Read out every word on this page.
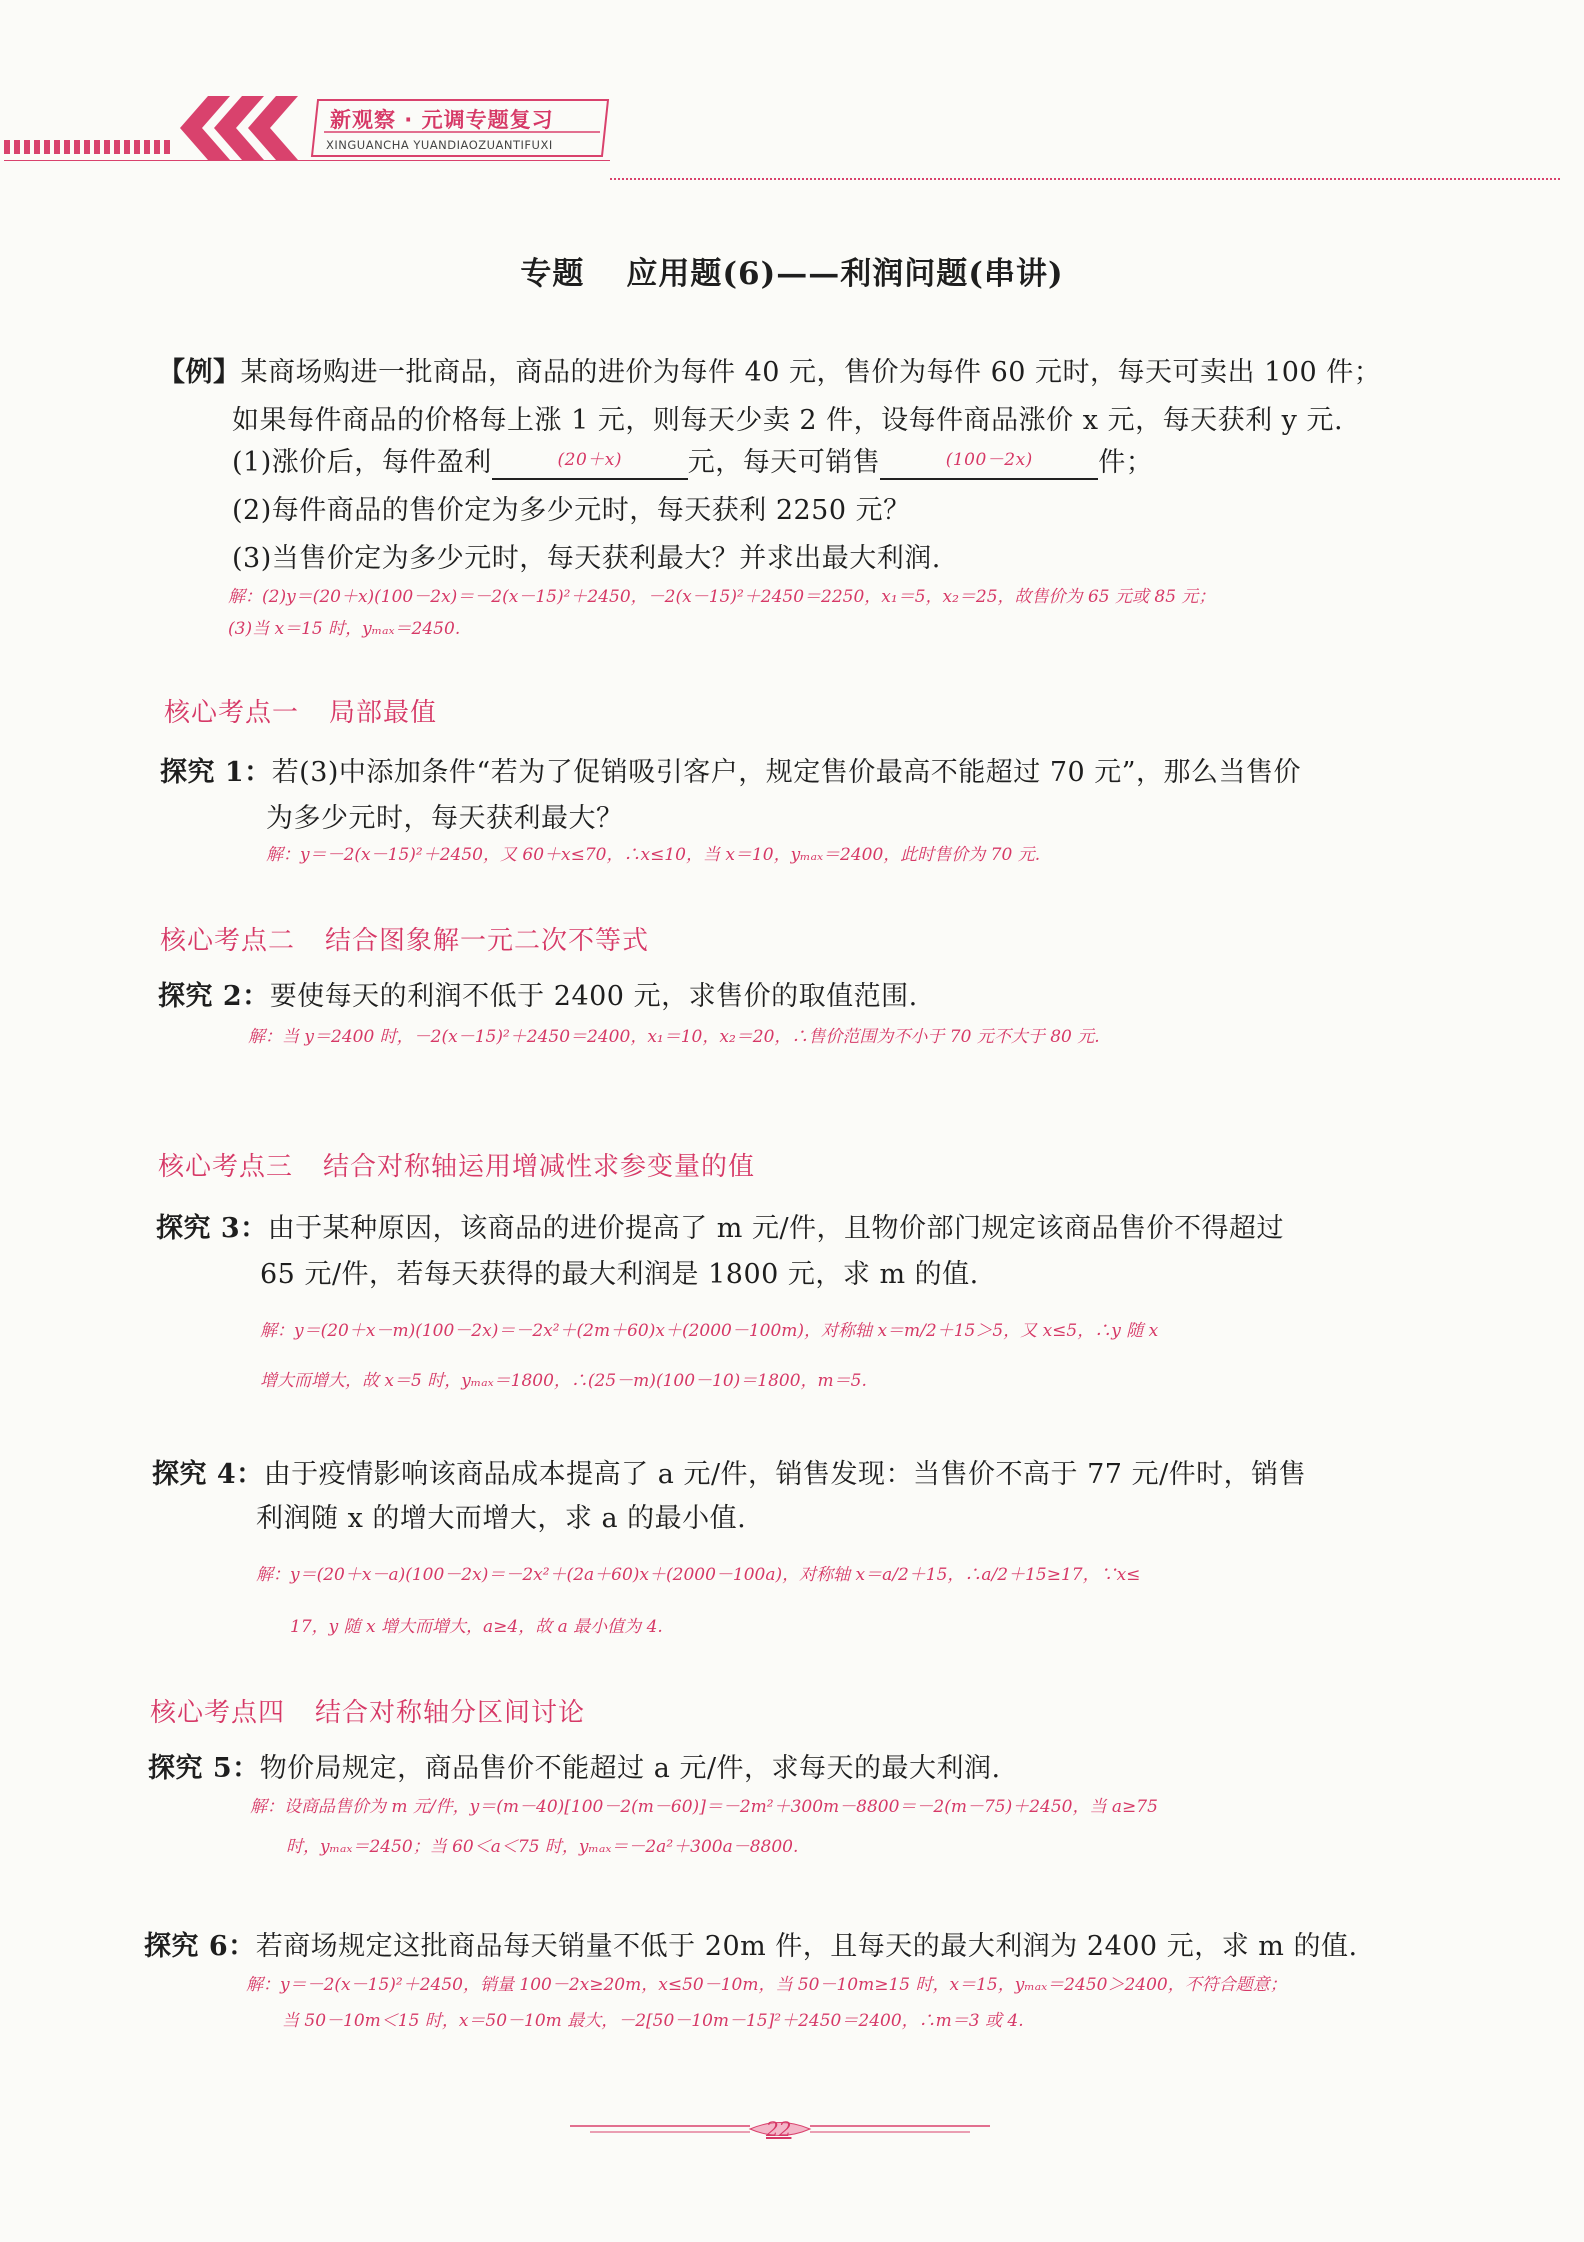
新观察 · 元调专题复习
XINGUANCHA YUANDIAOZUANTIFUXI
专题 应用题(6)——利润问题(串讲)
【例】某商场购进一批商品，商品的进价为每件 40 元，售价为每件 60 元时，每天可卖出 100 件；
如果每件商品的价格每上涨 1 元，则每天少卖 2 件，设每件商品涨价 x 元，每天获利 y 元.
(1)涨价后，每件盈利	$^{(20+x)}$ 元，每天可销售	$^{(100-2x)}$ 件；
(2)每件商品的售价定为多少元时，每天获利 2250 元？
(3)当售价定为多少元时，每天获利最大？并求出最大利润.
解：(2)y＝(20＋x)(100－2x)＝－2(x－15)²＋2450，－2(x－15)²＋2450＝2250，x₁＝5，x₂＝25，故售价为 65 元或 85 元；
(3)当 x＝15 时，yₘₐₓ＝2450.
核心考点一 局部最值
探究 1：若(3)中添加条件“若为了促销吸引客户，规定售价最高不能超过 70 元”，那么当售价
为多少元时，每天获利最大？
解：y＝－2(x－15)²＋2450，又 60＋x≤70，∴x≤10，当 x＝10，yₘₐₓ＝2400，此时售价为 70 元.
核心考点二 结合图象解一元二次不等式
探究 2：要使每天的利润不低于 2400 元，求售价的取值范围.
解：当 y＝2400 时，－2(x－15)²＋2450＝2400，x₁＝10，x₂＝20，∴售价范围为不小于 70 元不大于 80 元.
核心考点三 结合对称轴运用增减性求参变量的值
探究 3：由于某种原因，该商品的进价提高了 m 元/件，且物价部门规定该商品售价不得超过
65 元/件，若每天获得的最大利润是 1800 元，求 m 的值.
解：y＝(20＋x－m)(100－2x)＝－2x²＋(2m＋60)x＋(2000－100m)，对称轴 x＝m/2＋15＞5，又 x≤5，∴y 随 x
增大而增大，故 x＝5 时，yₘₐₓ＝1800，∴(25－m)(100－10)＝1800，m＝5.
探究 4：由于疫情影响该商品成本提高了 a 元/件，销售发现：当售价不高于 77 元/件时，销售
利润随 x 的增大而增大，求 a 的最小值.
解：y＝(20＋x－a)(100－2x)＝－2x²＋(2a＋60)x＋(2000－100a)，对称轴 x＝a/2＋15，∴a/2＋15≥17，∵x≤
17，y 随 x 增大而增大，a≥4，故 a 最小值为 4.
核心考点四 结合对称轴分区间讨论
探究 5：物价局规定，商品售价不能超过 a 元/件，求每天的最大利润.
解：设商品售价为 m 元/件，y＝(m－40)[100－2(m－60)]＝－2m²＋300m－8800＝－2(m－75)＋2450，当 a≥75
时，yₘₐₓ＝2450；当 60＜a＜75 时，yₘₐₓ＝－2a²＋300a－8800.
探究 6：若商场规定这批商品每天销量不低于 20m 件，且每天的最大利润为 2400 元，求 m 的值.
解：y＝－2(x－15)²＋2450，销量 100－2x≥20m，x≤50－10m，当 50－10m≥15 时，x＝15，yₘₐₓ＝2450＞2400，不符合题意；
当 50－10m＜15 时，x＝50－10m 最大，－2[50－10m－15]²＋2450＝2400，∴m＝3 或 4.
22
